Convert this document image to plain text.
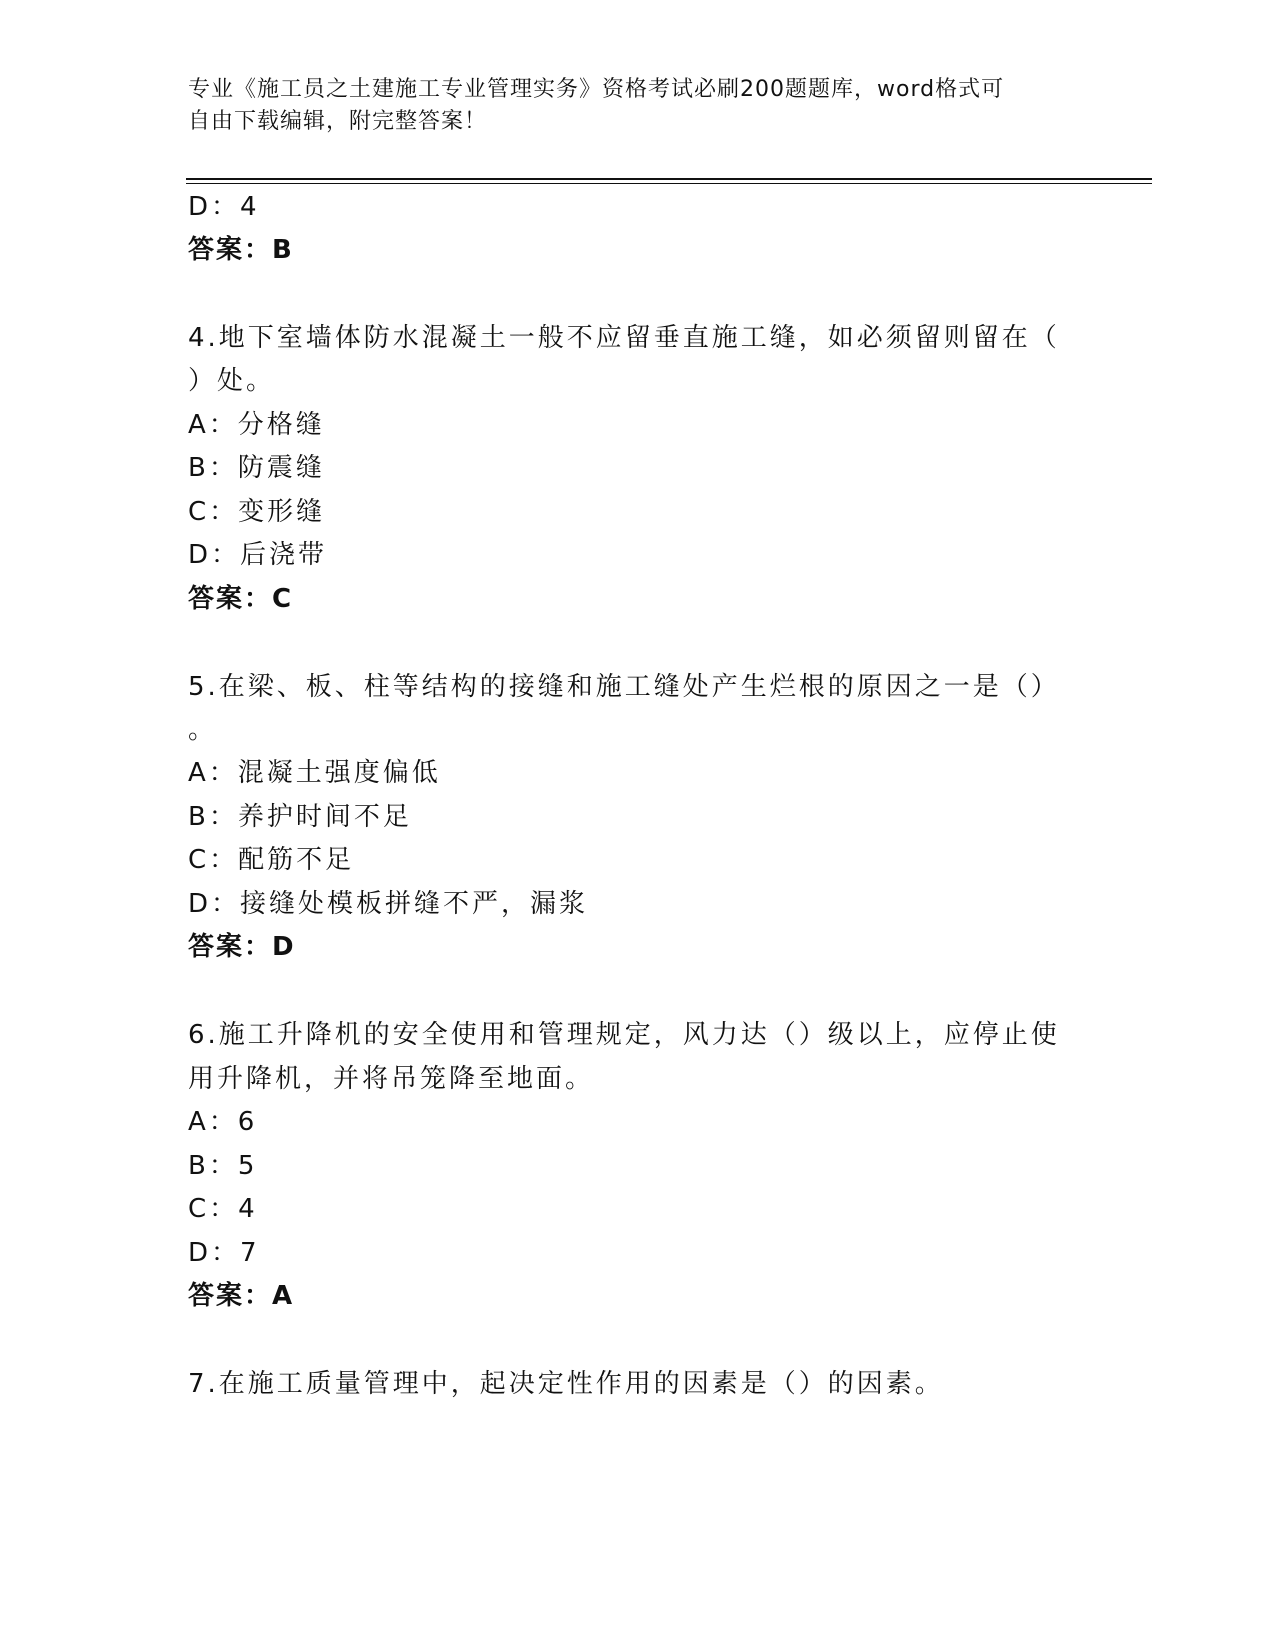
专业《施工员之土建施工专业管理实务》资格考试必刷200题题库，word格式可
自由下载编辑，附完整答案！
D：4
答案：B
4.地下室墙体防水混凝土一般不应留垂直施工缝，如必须留则留在（
）处。
A：分格缝
B：防震缝
C：变形缝
D：后浇带
答案：C
5.在梁、板、柱等结构的接缝和施工缝处产生烂根的原因之一是（）
。
A：混凝土强度偏低
B：养护时间不足
C：配筋不足
D：接缝处模板拼缝不严，漏浆
答案：D
6.施工升降机的安全使用和管理规定，风力达（）级以上，应停止使
用升降机，并将吊笼降至地面。
A：6
B：5
C：4
D：7
答案：A
7.在施工质量管理中，起决定性作用的因素是（）的因素。
